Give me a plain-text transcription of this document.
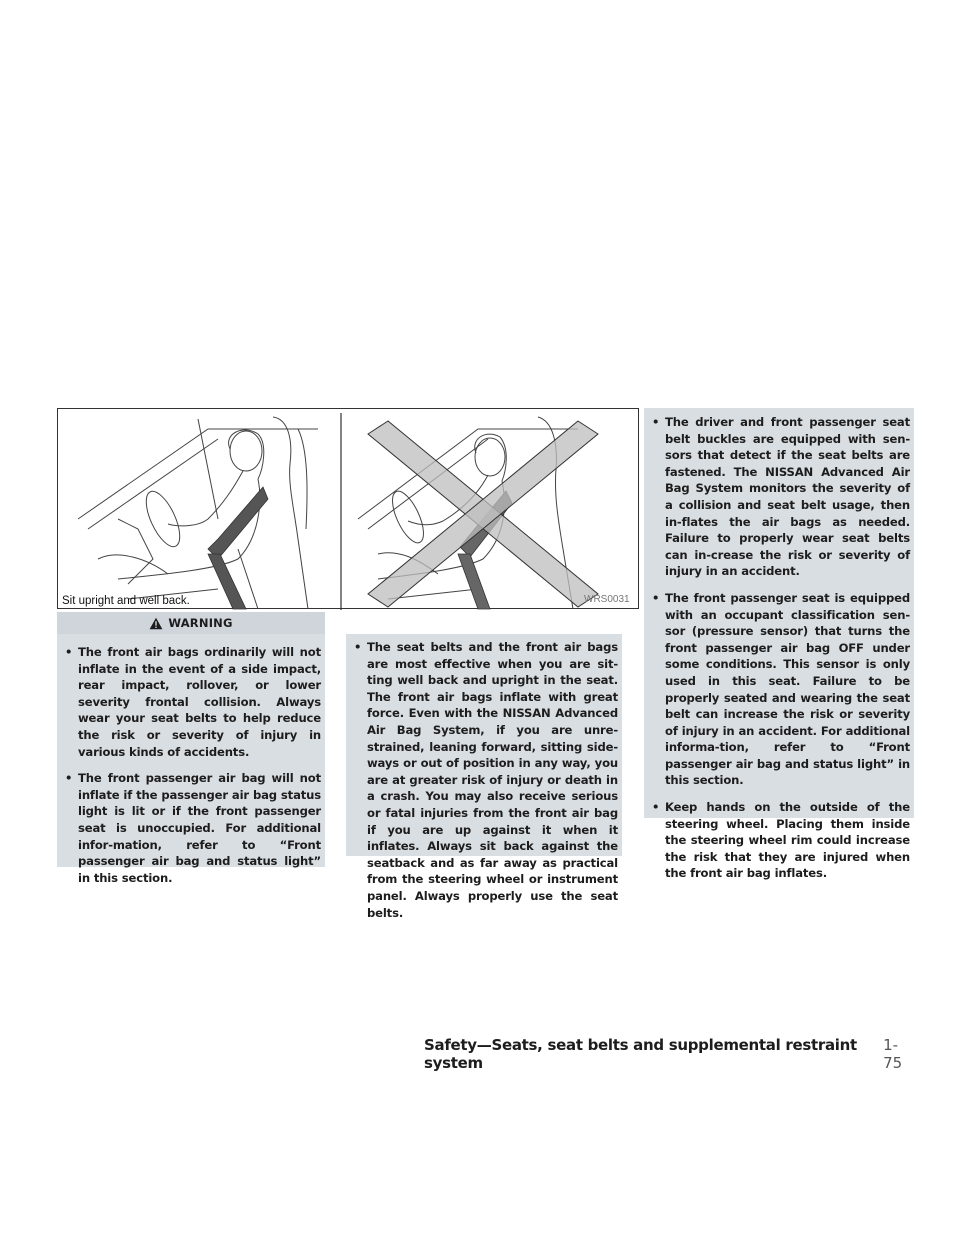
Sit upright and well back.	WRS0031
WARNING
• The front air bags ordinarily will not inflate in the event of a side impact, rear impact, rollover, or lower severity frontal collision. Always wear your seat belts to help reduce the risk or severity of injury in various kinds of accidents.
• The front passenger air bag will not inflate if the passenger air bag status light is lit or if the front passenger seat is unoccupied. For additional infor-mation, refer to “Front passenger air bag and status light” in this section.
• The seat belts and the front air bags are most effective when you are sit-ting well back and upright in the seat. The front air bags inflate with great force. Even with the NISSAN Advanced Air Bag System, if you are unre-strained, leaning forward, sitting side-ways or out of position in any way, you are at greater risk of injury or death in a crash. You may also receive serious or fatal injuries from the front air bag if you are up against it when it inflates. Always sit back against the seatback and as far away as practical from the steering wheel or instrument panel. Always properly use the seat belts.
• The driver and front passenger seat belt buckles are equipped with sen-sors that detect if the seat belts are fastened. The NISSAN Advanced Air Bag System monitors the severity of a collision and seat belt usage, then in-flates the air bags as needed. Failure to properly wear seat belts can in-crease the risk or severity of injury in an accident.
• The front passenger seat is equipped with an occupant classification sen-sor (pressure sensor) that turns the front passenger air bag OFF under some conditions. This sensor is only used in this seat. Failure to be properly seated and wearing the seat belt can increase the risk or severity of injury in an accident. For additional informa-tion, refer to “Front passenger air bag and status light” in this section.
• Keep hands on the outside of the steering wheel. Placing them inside the steering wheel rim could increase the risk that they are injured when the front air bag inflates.
Safety—Seats, seat belts and supplemental restraint system
1-75
